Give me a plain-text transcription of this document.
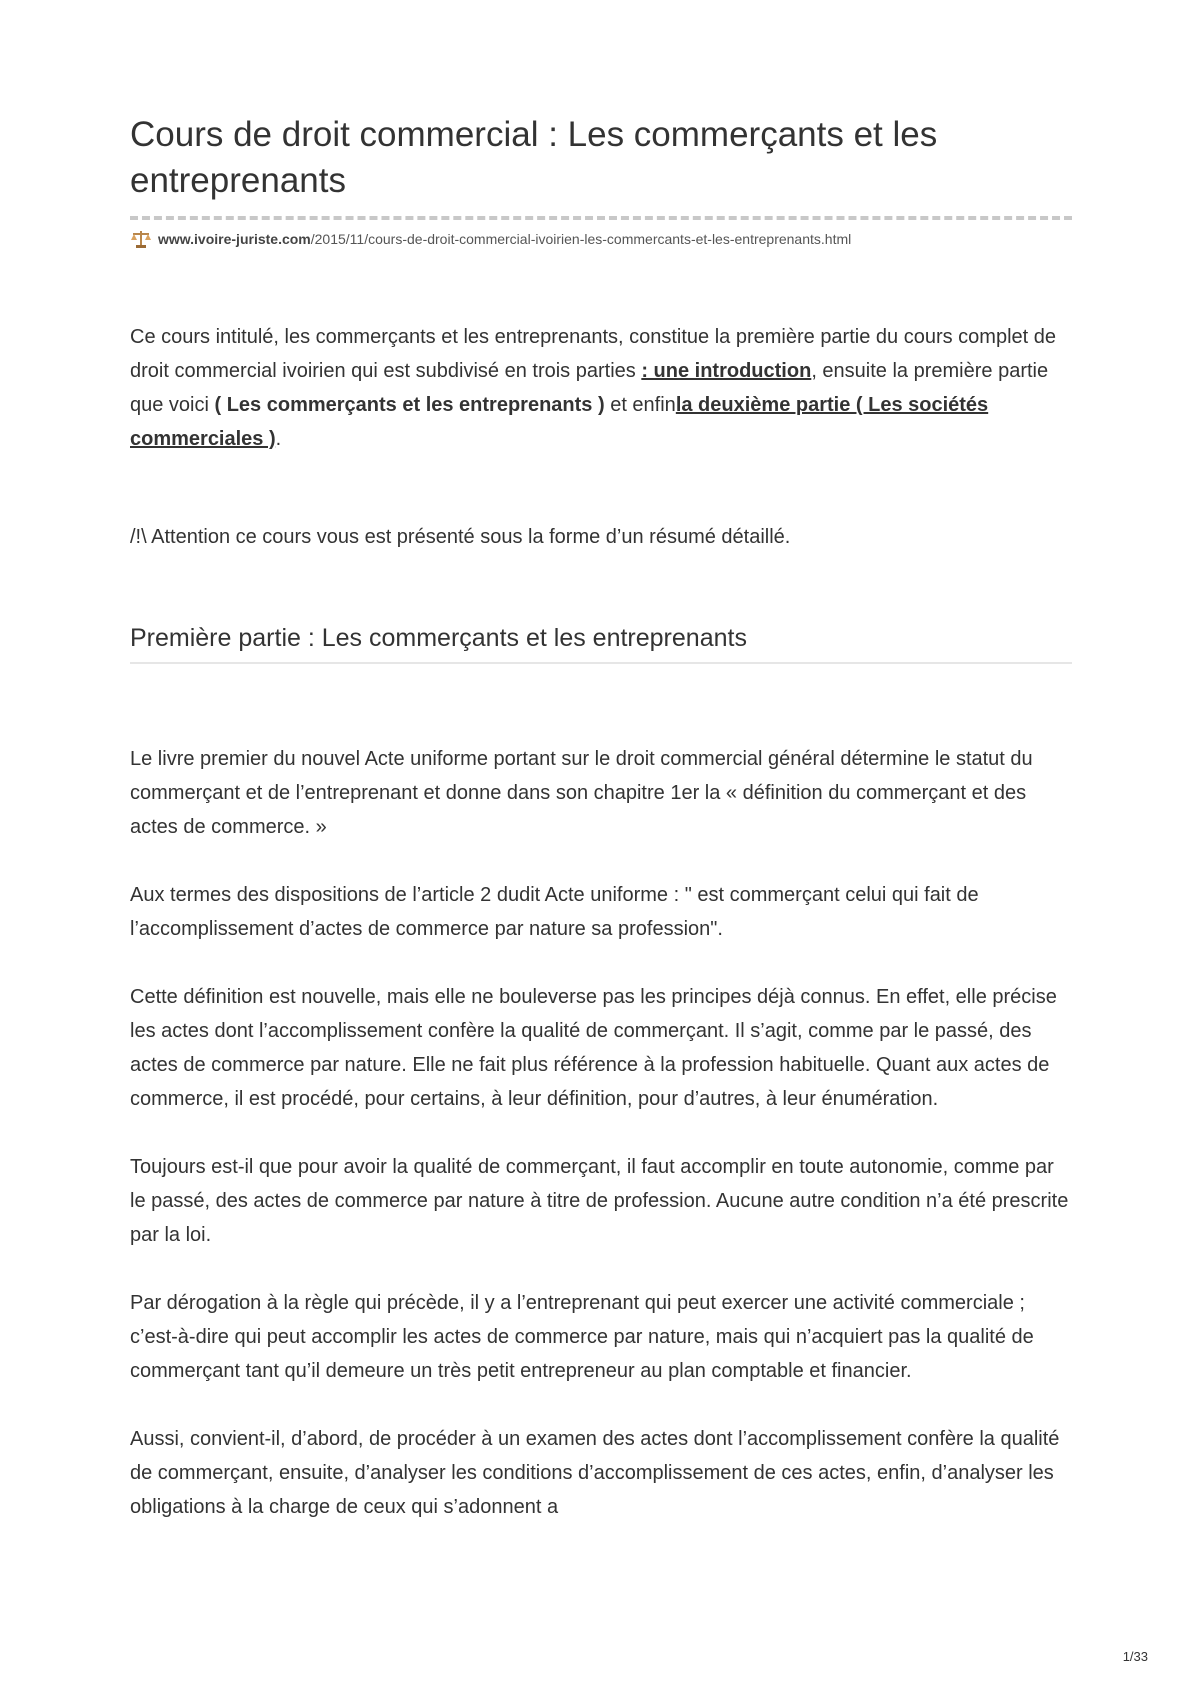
Cours de droit commercial : Les commerçants et les entreprenants
www.ivoire-juriste.com/2015/11/cours-de-droit-commercial-ivoirien-les-commercants-et-les-entreprenants.html
Ce cours intitulé, les commerçants et les entreprenants, constitue la première partie du cours complet de droit commercial ivoirien qui est subdivisé en trois parties : une introduction, ensuite la première partie que voici ( Les commerçants et les entreprenants ) et enfinla deuxième partie ( Les sociétés commerciales ).
/!\ Attention ce cours vous est présenté sous la forme d’un résumé détaillé.
Première partie : Les commerçants et les entreprenants

Le livre premier du nouvel Acte uniforme portant sur le droit commercial général détermine le statut du commerçant et de l’entreprenant et donne dans son chapitre 1er la « définition du commerçant et des actes de commerce. »

Aux termes des dispositions de l’article 2 dudit Acte uniforme : " est commerçant celui qui fait de l’accomplissement d’actes de commerce par nature sa profession".

Cette définition est nouvelle, mais elle ne bouleverse pas les principes déjà connus. En effet, elle précise les actes dont l’accomplissement confère la qualité de commerçant. Il s’agit, comme par le passé, des actes de commerce par nature. Elle ne fait plus référence à la profession habituelle. Quant aux actes de commerce, il est procédé, pour certains, à leur définition, pour d’autres, à leur énumération.

Toujours est-il que pour avoir la qualité de commerçant, il faut accomplir en toute autonomie, comme par le passé, des actes de commerce par nature à titre de profession. Aucune autre condition n’a été prescrite par la loi.

Par dérogation à la règle qui précède, il y a l’entreprenant qui peut exercer une activité commerciale ; c’est-à-dire qui peut accomplir les actes de commerce par nature, mais qui n’acquiert pas la qualité de commerçant tant qu’il demeure un très petit entrepreneur au plan comptable et financier.

Aussi, convient-il, d’abord, de procéder à un examen des actes dont l’accomplissement confère la qualité de commerçant, ensuite, d’analyser les conditions d’accomplissement de ces actes, enfin, d’analyser les obligations à la charge de ceux qui s’adonnent a

1/33
